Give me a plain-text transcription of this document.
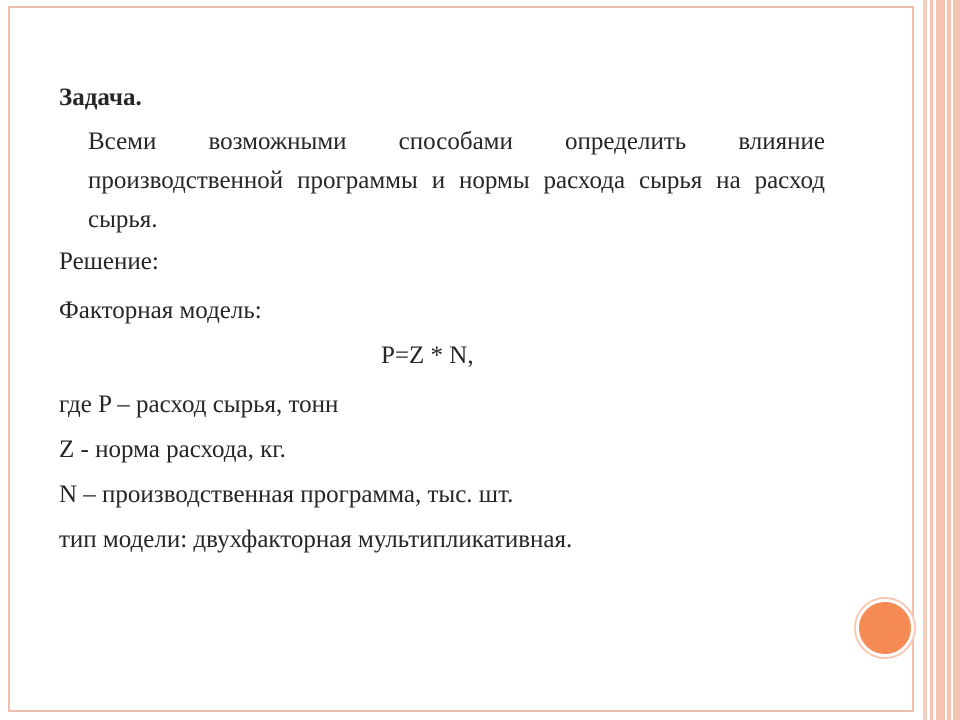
Задача.
Всеми возможными способами определить влияние производственной программы и нормы расхода сырья на расход сырья.
Решение:
Факторная модель:
P=Z * N,
где P – расход сырья, тонн
Z - норма расхода, кг.
N – производственная программа, тыс. шт.
тип модели: двухфакторная мультипликативная.
